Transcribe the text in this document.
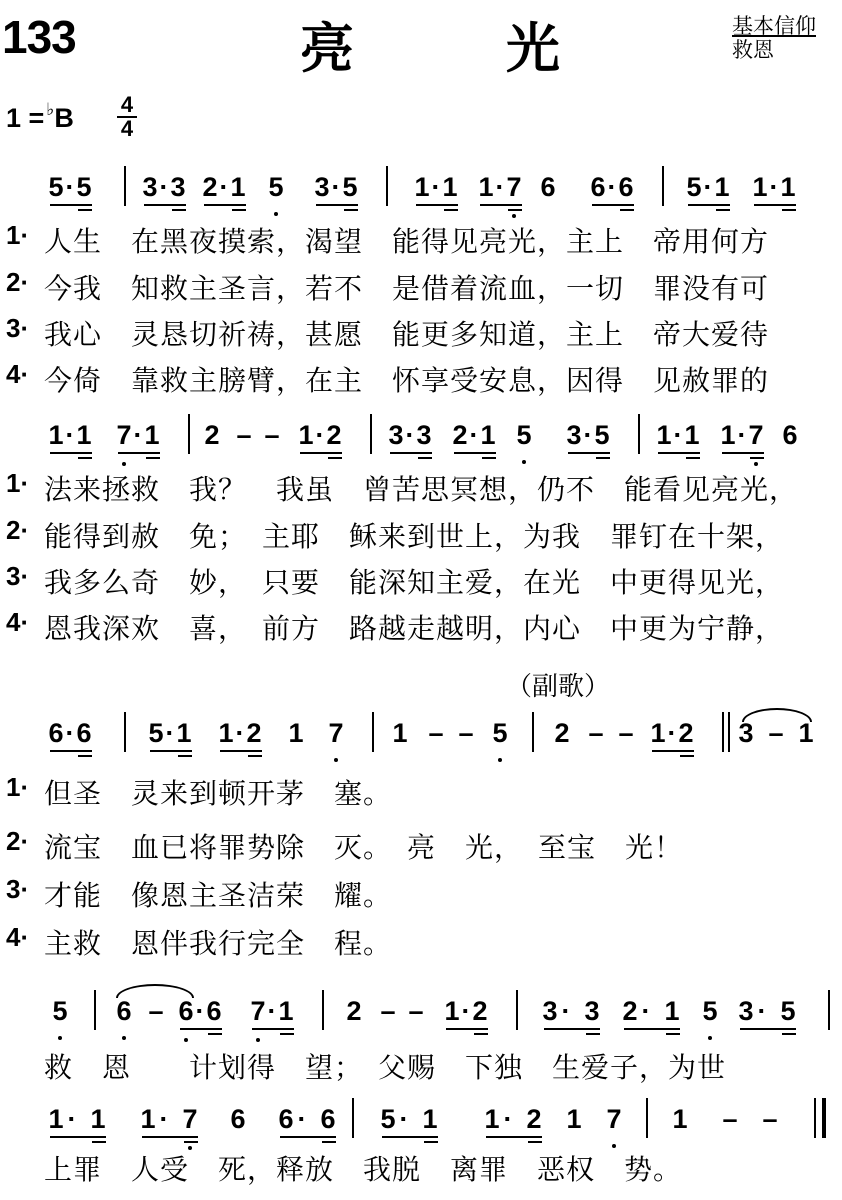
133	亮	光	基本信仰
救恩
1 = ♭B 4
4
5 · 5 3 · 3 2 · 1 5 3 · 5 1 · 1 1 · 7 6 6 · 6 5 · 1 1 · 1
1· 人生　在黑夜摸索，渴望　能得见亮光，主上　帝用何方
2· 今我　知救主圣言，若不　是借着流血，一切　罪没有可
3· 我心　灵恳切祈祷，甚愿　能更多知道，主上　帝大爱待
4· 今倚　靠救主膀臂，在主　怀享受安息，因得　见赦罪的
1 · 1 7 · 1 2 – – 1 · 2 3 · 3 2 · 1 5 3 · 5 1 · 1 1 · 7 6
1· 法来拯救　我？　我虽　曾苦思冥想，仍不　能看见亮光，
2· 能得到赦　免；　主耶　稣来到世上，为我　罪钉在十架，
3· 我多么奇　妙，　只要　能深知主爱，在光　中更得见光，
4· 恩我深欢　喜，　前方　路越走越明，内心　中更为宁静，
（副歌）
6 · 6 5 · 1 1 · 2 1 7 1 – – 5 2 – – 1 · 2 3 – 1
1· 但圣　灵来到顿开茅　塞。
2· 流宝　血已将罪势除　灭。　亮　光，　至宝　光！
3· 才能　像恩主圣洁荣　耀。
4· 主救　恩伴我行完全　程。
5 6 – 6 · 6 7 · 1 2 – – 1 · 2 3 · 3 2 · 1 5 3 · 5
救　恩　　计划得　望；　父赐　下独　生爱子，为世
1 · 1 1 · 7 6 6 · 6 5 · 1 1 · 2 1 7 1 – –
上罪　人受　死，释放　我脱　离罪　恶权　势。
